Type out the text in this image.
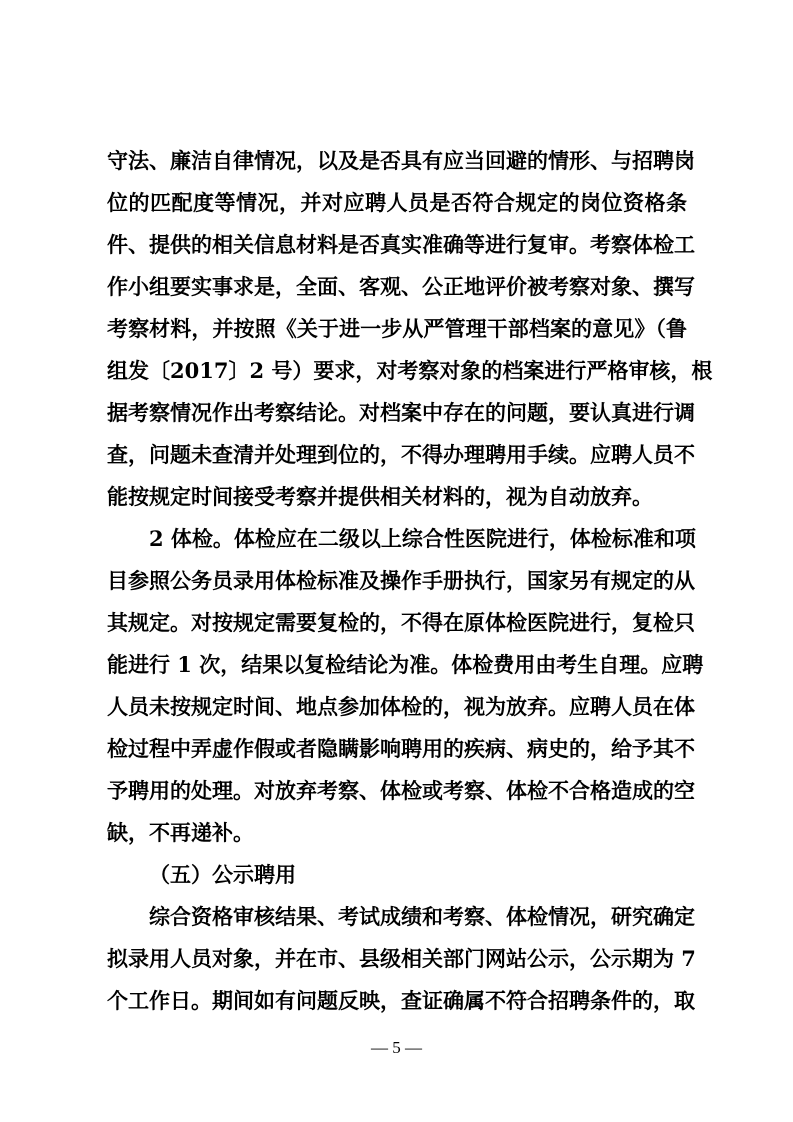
守法、廉洁自律情况，以及是否具有应当回避的情形、与招聘岗

位的匹配度等情况，并对应聘人员是否符合规定的岗位资格条

件、提供的相关信息材料是否真实准确等进行复审。考察体检工

作小组要实事求是，全面、客观、公正地评价被考察对象、撰写

考察材料，并按照《关于进一步从严管理干部档案的意见》（鲁

组发〔2017〕2 号）要求，对考察对象的档案进行严格审核，根

据考察情况作出考察结论。对档案中存在的问题，要认真进行调

查，问题未查清并处理到位的，不得办理聘用手续。应聘人员不

能按规定时间接受考察并提供相关材料的，视为自动放弃。

2 体检。体检应在二级以上综合性医院进行，体检标准和项

目参照公务员录用体检标准及操作手册执行，国家另有规定的从

其规定。对按规定需要复检的，不得在原体检医院进行，复检只

能进行 1 次，结果以复检结论为准。体检费用由考生自理。应聘

人员未按规定时间、地点参加体检的，视为放弃。应聘人员在体

检过程中弄虚作假或者隐瞒影响聘用的疾病、病史的，给予其不

予聘用的处理。对放弃考察、体检或考察、体检不合格造成的空

缺，不再递补。

（五）公示聘用

综合资格审核结果、考试成绩和考察、体检情况，研究确定

拟录用人员对象，并在市、县级相关部门网站公示，公示期为 7

个工作日。期间如有问题反映，查证确属不符合招聘条件的，取

— 5 —
